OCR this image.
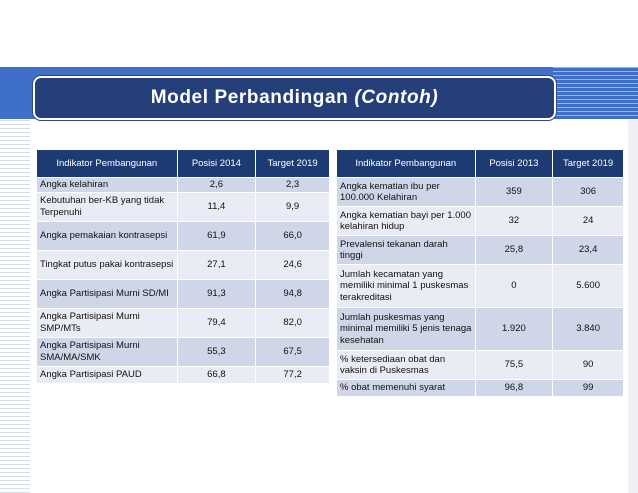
Model Perbandingan (Contoh)
Indikator Pembangunan	Posisi 2014	Target 2019
Angka kelahiran	2,6	2,3
Kebutuhan ber-KB yang tidak Terpenuhi	11,4	9,9
Angka pemakaian kontrasepsi	61,9	66,0
Tingkat putus pakai kontrasepsi	27,1	24,6
Angka Partisipasi Murni SD/MI	91,3	94,8
Angka Partisipasi Murni SMP/MTs	79,4	82,0
Angka Partisipasi Murni SMA/MA/SMK	55,3	67,5
Angka Partisipasi PAUD	66,8	77,2
Indikator Pembangunan	Posisi 2013	Target 2019
Angka kematian ibu per 100.000 Kelahiran	359	306
Angka kematian bayi per 1.000 kelahiran hidup	32	24
Prevalensi tekanan darah tinggi	25,8	23,4
Jumlah kecamatan yang memiliki minimal 1 puskesmas terakreditasi	0	5.600
Jumlah puskesmas yang minimal memiliki 5 jenis tenaga kesehatan	1.920	3.840
% ketersediaan obat dan vaksin di Puskesmas	75,5	90
% obat memenuhi syarat	96,8	99
